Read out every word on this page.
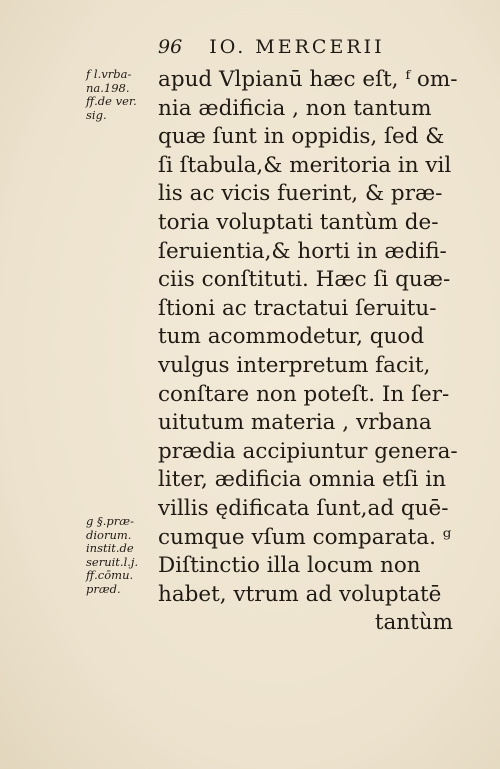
96 IO. MERCERII
f l.vrba-
na.198.
ff.de ver.
sig.
g §.præ-
diorum.
instit.de
seruit.l.j.
ff.cōmu.
præd.
apud Vlpianū hæc eſt, ᶠ om-
nia ædificia , non tantum
quæ ſunt in oppidis, ſed &
ſi ſtabula,& meritoria in vil
lis ac vicis fuerint, & præ-
toria voluptati tantùm de-
ſeruientia,& horti in ædifi-
ciis conſtituti. Hæc ſi quæ-
ſtioni ac tractatui ſeruitu-
tum acommodetur, quod
vulgus interpretum facit,
conſtare non poteſt. In ſer-
uitutum materia , vrbana
prædia accipiuntur genera-
liter, ædificia omnia etſi in
villis ędificata ſunt,ad quē-
cumque vſum comparata. ᵍ
Diſtinctio illa locum non
habet, vtrum ad voluptatē
tantùm
